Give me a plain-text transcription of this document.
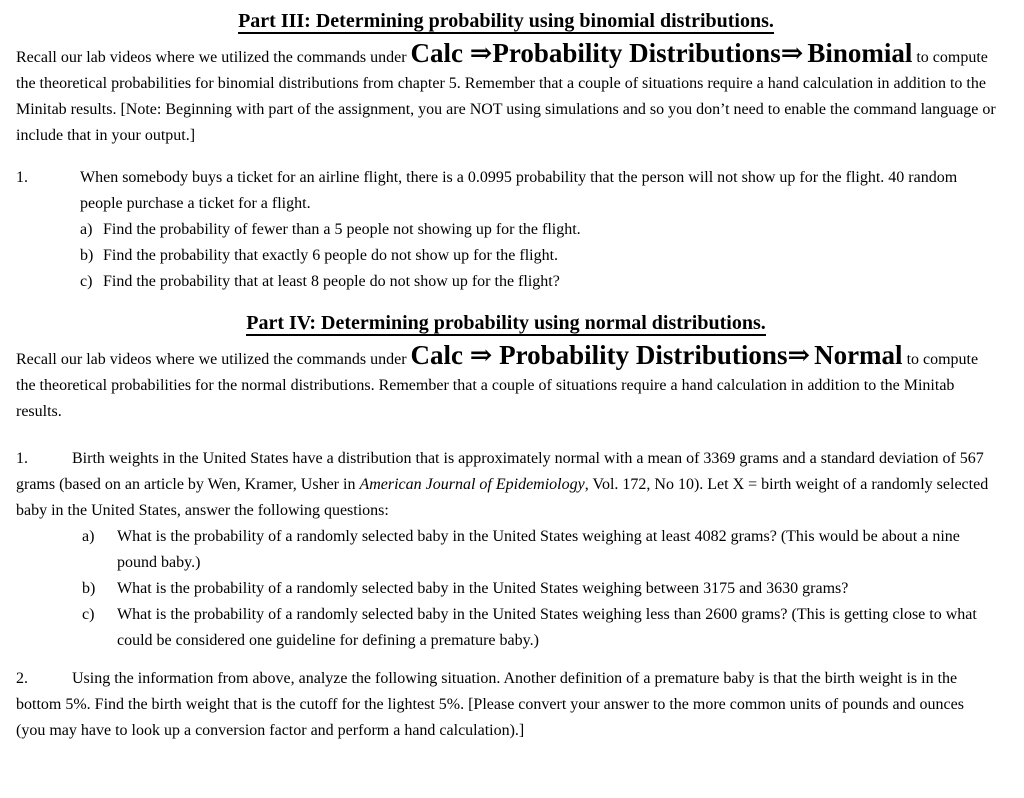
Part III: Determining probability using binomial distributions.

Recall our lab videos where we utilized the commands under Calc ⇒Probability Distributions⇒ Binomial to compute the theoretical probabilities for binomial distributions from chapter 5. Remember that a couple of situations require a hand calculation in addition to the Minitab results. [Note: Beginning with part of the assignment, you are NOT using simulations and so you don’t need to enable the command language or include that in your output.]

1.	When somebody buys a ticket for an airline flight, there is a 0.0995 probability that the person will not show up for the flight. 40 random people purchase a ticket for a flight.
a) Find the probability of fewer than a 5 people not showing up for the flight.
b) Find the probability that exactly 6 people do not show up for the flight.
c) Find the probability that at least 8 people do not show up for the flight?
Part IV: Determining probability using normal distributions.

Recall our lab videos where we utilized the commands under Calc ⇒ Probability Distributions⇒ Normal to compute the theoretical probabilities for the normal distributions. Remember that a couple of situations require a hand calculation in addition to the Minitab results.

1.	Birth weights in the United States have a distribution that is approximately normal with a mean of 3369 grams and a standard deviation of 567 grams (based on an article by Wen, Kramer, Usher in American Journal of Epidemiology, Vol. 172, No 10). Let X = birth weight of a randomly selected baby in the United States, answer the following questions:

a)	What is the probability of a randomly selected baby in the United States weighing at least 4082 grams? (This would be about a nine pound baby.)
b)	What is the probability of a randomly selected baby in the United States weighing between 3175 and 3630 grams?
c)	What is the probability of a randomly selected baby in the United States weighing less than 2600 grams? (This is getting close to what could be considered one guideline for defining a premature baby.)

2.	Using the information from above, analyze the following situation. Another definition of a premature baby is that the birth weight is in the bottom 5%. Find the birth weight that is the cutoff for the lightest 5%. [Please convert your answer to the more common units of pounds and ounces (you may have to look up a conversion factor and perform a hand calculation).]
